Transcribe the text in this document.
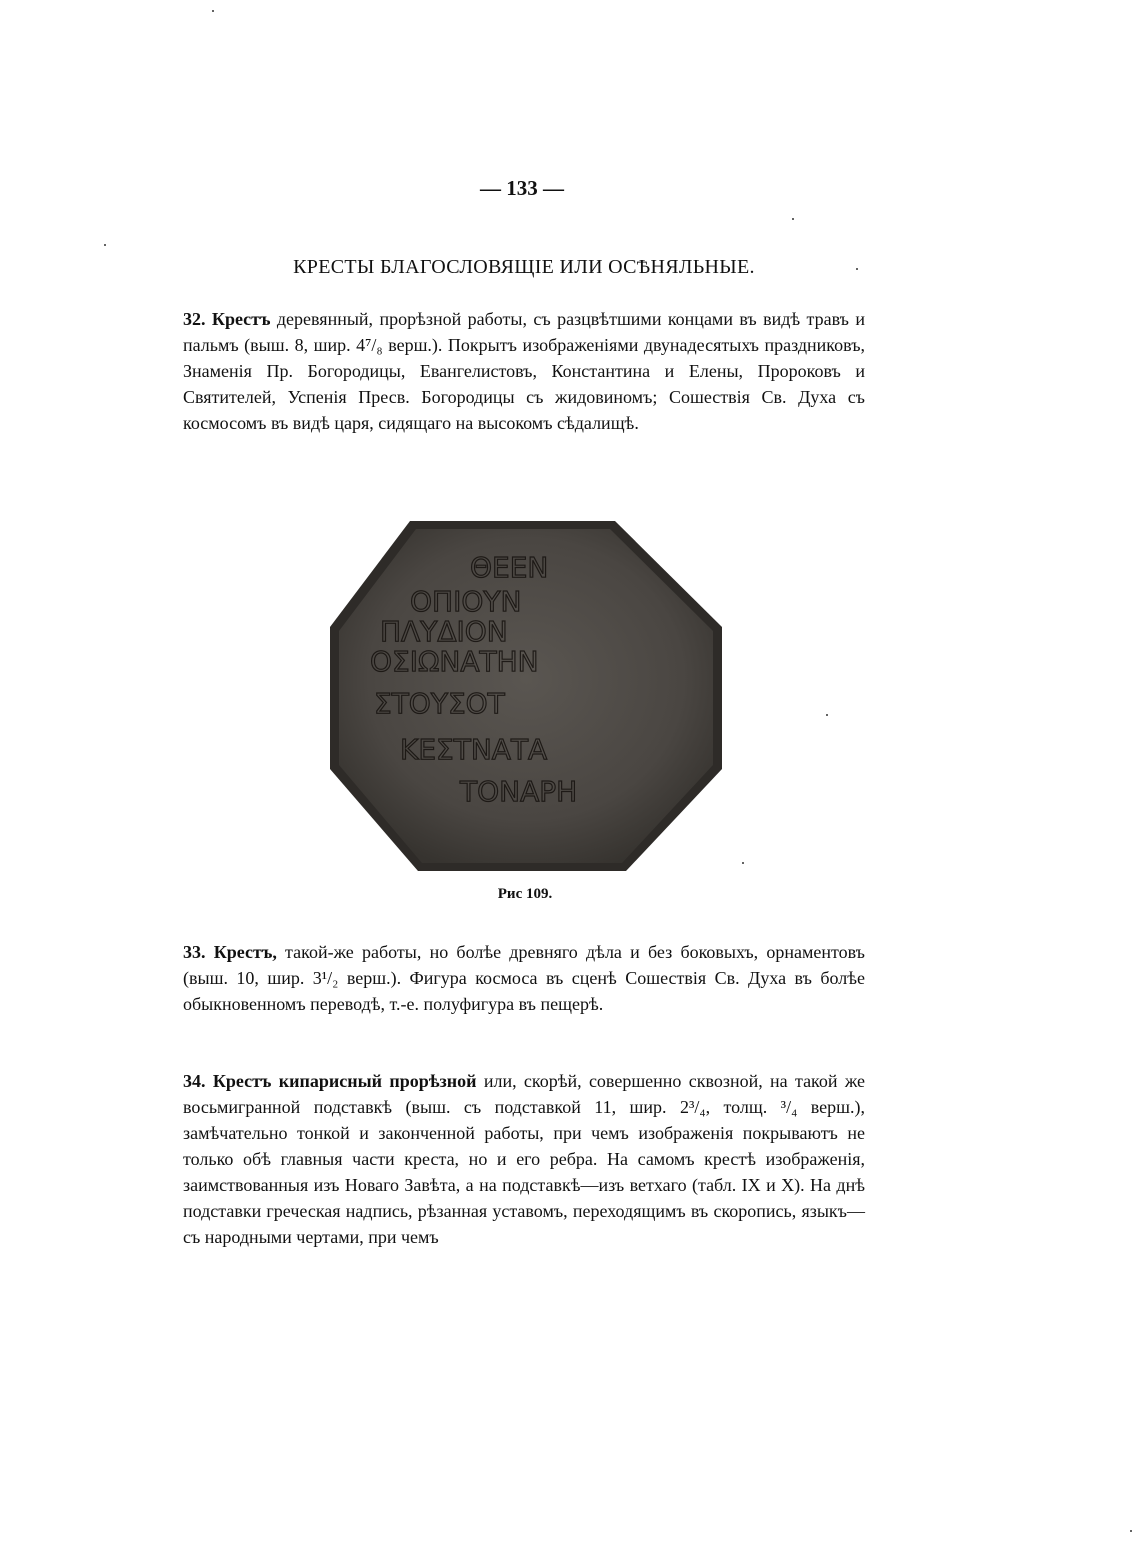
— 133 —
КРЕСТЫ БЛАГОСЛОВЯЩІЕ ИЛИ ОСѢНЯЛЬНЫЕ.
32. Крестъ деревянный, прорѣзной работы, съ разцвѣтшими концами въ видѣ травъ и пальмъ (выш. 8, шир. 4⁷/₈ верш.). Покрытъ изображеніями двунадесятыхъ праздниковъ, Знаменія Пр. Богородицы, Евангелистовъ, Константина и Елены, Пророковъ и Святителей, Успенія Пресв. Богородицы съ жидовиномъ; Сошествія Св. Духа съ космосомъ въ видѣ царя, сидящаго на высокомъ сѣдалищѣ.
ΘΕΕΝ
ΟΠΙΟΥΝ
ΠΛΥΔΙΟΝ
ΟΣΙΩΝΑΤΗΝ
ΣΤΟΥΣΟΤ
ΚΕΣΤΝΑΤΑ
ΤΟΝΑΡΗ
Рис 109.
33. Крестъ, такой-же работы, но болѣе древняго дѣла и без боковыхъ, орнаментовъ (выш. 10, шир. 3¹/₂ верш.). Фигура космоса въ сценѣ Сошествія Св. Духа въ болѣе обыкновенномъ переводѣ, т.-е. полуфигура въ пещерѣ.
34. Крестъ кипарисный прорѣзной или, скорѣй, совершенно сквозной, на такой же восьмигранной подставкѣ (выш. съ подставкой 11, шир. 2³/₄, толщ. ³/₄ верш.), замѣчательно тонкой и законченной работы, при чемъ изображенія покрываютъ не только обѣ главныя части креста, но и его ребра. На самомъ крестѣ изображенія, заимствованныя изъ Новаго Завѣта, а на подставкѣ—изъ ветхаго (табл. IX и X). На днѣ подставки греческая надпись, рѣзанная уставомъ, переходящимъ въ скоропись, языкъ—съ народными чертами, при чемъ
